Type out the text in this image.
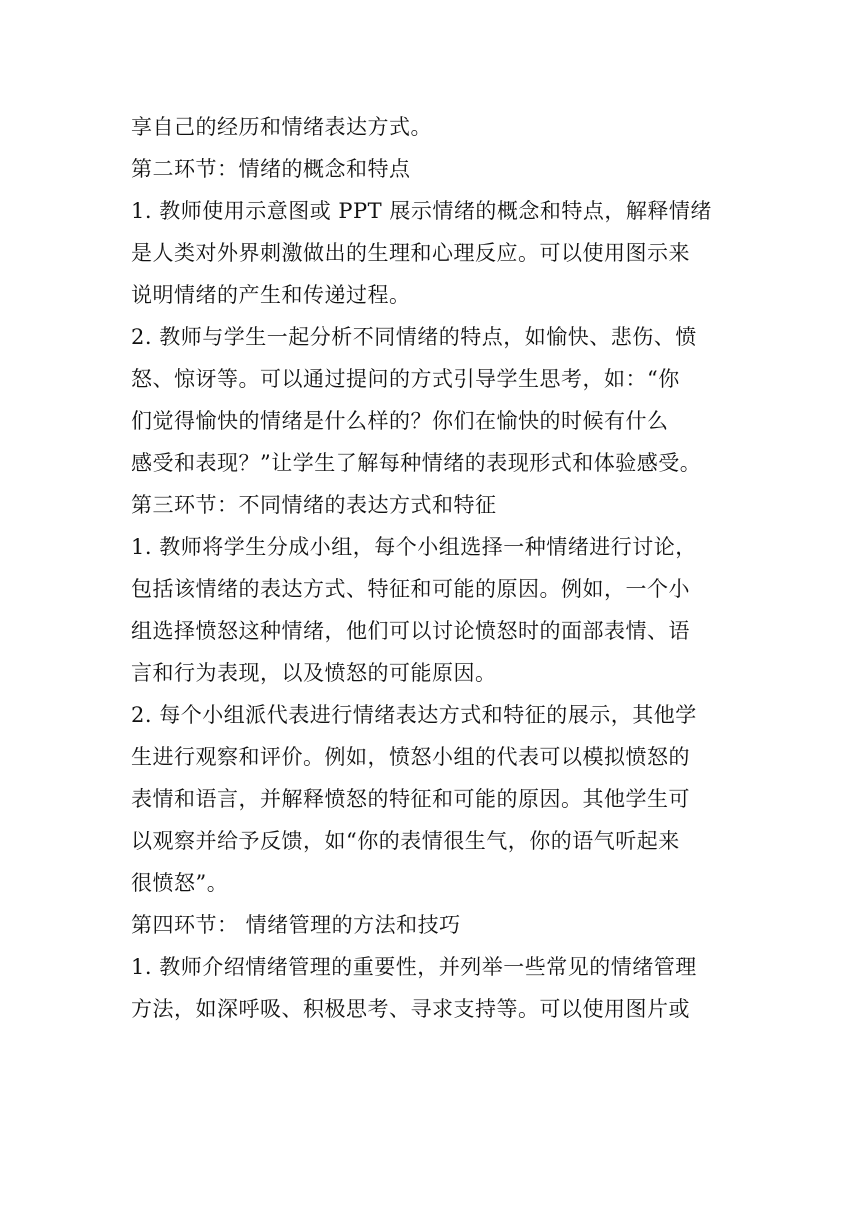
享自己的经历和情绪表达方式。
第二环节：情绪的概念和特点
1. 教师使用示意图或 PPT 展示情绪的概念和特点，解释情绪
是人类对外界刺激做出的生理和心理反应。可以使用图示来
说明情绪的产生和传递过程。
2. 教师与学生一起分析不同情绪的特点，如愉快、悲伤、愤
怒、惊讶等。可以通过提问的方式引导学生思考，如：“你
们觉得愉快的情绪是什么样的？你们在愉快的时候有什么
感受和表现？”让学生了解每种情绪的表现形式和体验感受。
第三环节：不同情绪的表达方式和特征
1. 教师将学生分成小组，每个小组选择一种情绪进行讨论，
包括该情绪的表达方式、特征和可能的原因。例如，一个小
组选择愤怒这种情绪，他们可以讨论愤怒时的面部表情、语
言和行为表现，以及愤怒的可能原因。
2. 每个小组派代表进行情绪表达方式和特征的展示，其他学
生进行观察和评价。例如，愤怒小组的代表可以模拟愤怒的
表情和语言，并解释愤怒的特征和可能的原因。其他学生可
以观察并给予反馈，如“你的表情很生气，你的语气听起来
很愤怒”。
第四环节： 情绪管理的方法和技巧
1. 教师介绍情绪管理的重要性，并列举一些常见的情绪管理
方法，如深呼吸、积极思考、寻求支持等。可以使用图片或
